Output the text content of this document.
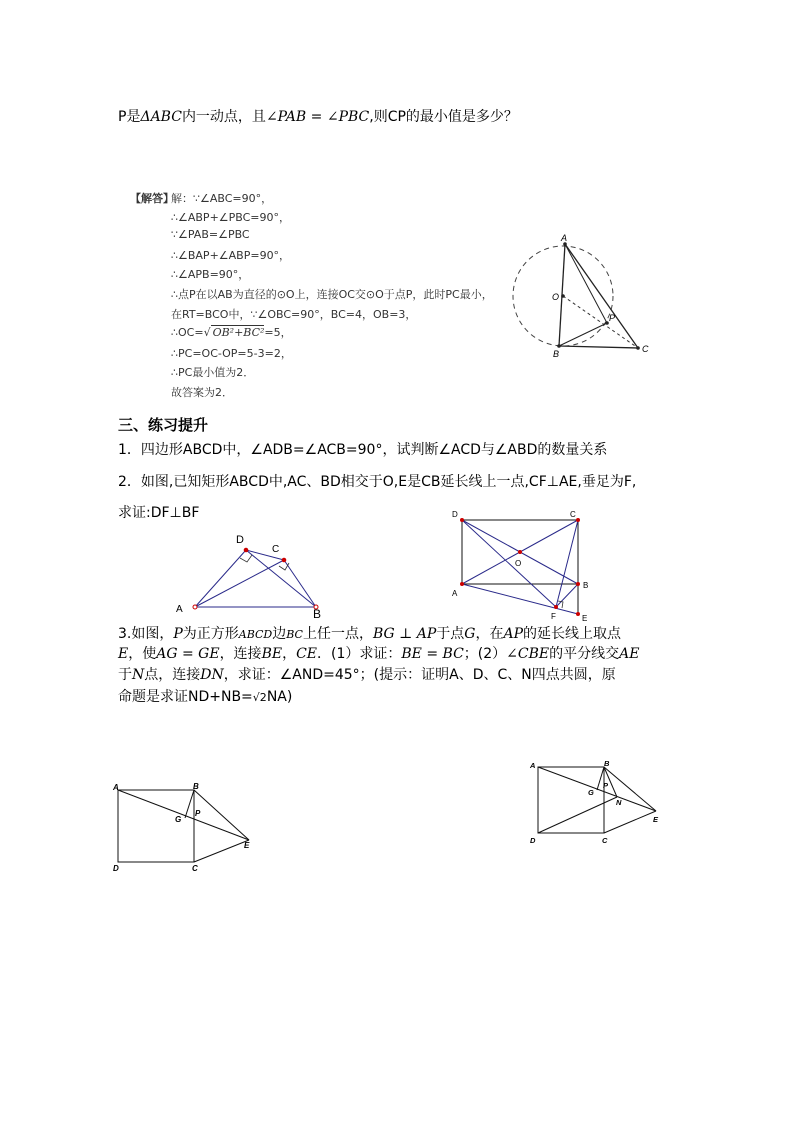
P是ΔABC内一动点，且∠PAB = ∠PBC,则CP的最小值是多少？
【解答】
解：∵∠ABC=90°，
∴∠ABP+∠PBC=90°，
∵∠PAB=∠PBC
∴∠BAP+∠ABP=90°，
∴∠APB=90°，
∴点P在以AB为直径的⊙O上，连接OC交⊙O于点P，此时PC最小，
在RT=BCO中，∵∠OBC=90°，BC=4，OB=3，
∴OC=√ OB²+BC²=5，
∴PC=OC-OP=5-3=2，
∴PC最小值为2．
故答案为2．
A
O
P
B	C
三、练习提升
1．四边形ABCD中，∠ADB=∠ACB=90°，试判断∠ACD与∠ABD的数量关系
2．如图,已知矩形ABCD中,AC、BD相交于O,E是CB延长线上一点,CF⊥AE,垂足为F,
求证:DF⊥BF
A
D
C
B
D	C
O
A
B
F	E
3.如图，P为正方形ABCD边BC上任一点，BG ⊥ AP于点G，在AP的延长线上取点
E，使AG = GE，连接BE，CE．(1）求证：BE = BC；(2）∠CBE的平分线交AE
于N点，连接DN，求证：∠AND=45°；(提示：证明A、D、C、N四点共圆，原
命题是求证ND+NB=√2NA)
A	B
G
P
E
D	C
A	B
G
P
N
E
D	C
